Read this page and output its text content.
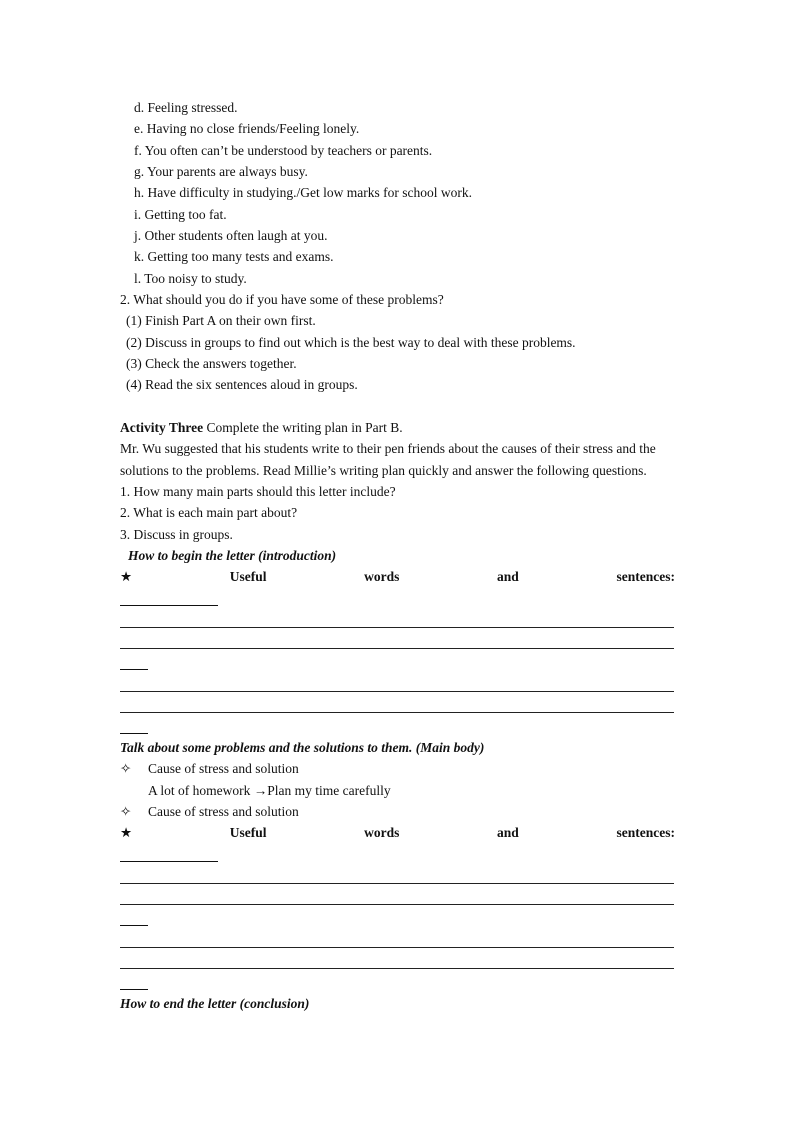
d. Feeling stressed.
e. Having no close friends/Feeling lonely.
f. You often can’t be understood by teachers or parents.
g. Your parents are always busy.
h. Have difficulty in studying./Get low marks for school work.
i. Getting too fat.
j. Other students often laugh at you.
k. Getting too many tests and exams.
l. Too noisy to study.
2. What should you do if you have some of these problems?
(1) Finish Part A on their own first.
(2) Discuss in groups to find out which is the best way to deal with these problems.
(3) Check the answers together.
(4) Read the six sentences aloud in groups.
Activity Three Complete the writing plan in Part B.
Mr. Wu suggested that his students write to their pen friends about the causes of their stress and the
solutions to the problems. Read Millie’s writing plan quickly and answer the following questions.
1. How many main parts should this letter include?
2. What is each main part about?
3. Discuss in groups.
How to begin the letter (introduction)
★	Useful	words	and	sentences:
Talk about some problems and the solutions to them. (Main body)
✧ Cause of stress and solution
A lot of homework →Plan my time carefully
✧ Cause of stress and solution
★	Useful	words	and	sentences:
How to end the letter (conclusion)
